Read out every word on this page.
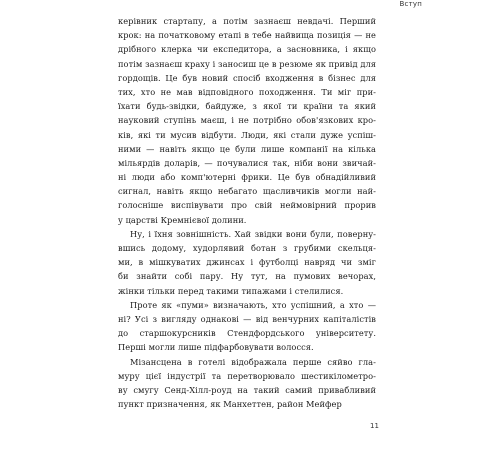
Вступ
керівник стартапу, а потім зазнаєш невдачі. Перший
крок: на початковому етапі в тебе найвища позиція — не
дрібного клерка чи експедитора, а засновника, і якщо
потім зазнаєш краху і заносиш це в резюме як привід для
гордощів. Це був новий спосіб входження в бізнес для
тих, хто не мав відповідного походження. Ти міг при-
їхати будь-звідки, байдуже, з якої ти країни та який
науковий ступінь маєш, і не потрібно обов'язкових кро-
ків, які ти мусив відбути. Люди, які стали дуже успіш-
ними — навіть якщо це були лише компанії на кілька
мільярдів доларів, — почувалися так, ніби вони звичай-
ні люди або комп'ютерні фрики. Це був обнадійливий
сигнал, навіть якщо небагато щасливчиків могли най-
голосніше виспівувати про свій неймовірний прорив
у царстві Кремнієвої долини.
Ну, і їхня зовнішність. Хай звідки вони були, поверну-
вшись додому, худорлявий ботан з грубими скельця-
ми, в мішкуватих джинсах і футболці навряд чи зміг
би знайти собі пару. Ну тут, на пумових вечорах,
жінки тільки перед такими типажами і стелилися.
Проте як «пуми» визначають, хто успішний, а хто —
ні? Усі з вигляду однакові — від венчурних капіталістів
до старшокурсників Стендфордського університету.
Перші могли лише підфарбовувати волосся.
Мізансцена в готелі відображала перше сяйво гла-
муру цієї індустрії та перетворювало шестикілометро-
ву смугу Сенд-Хілл-роуд на такий самий привабливий
пункт призначення, як Манхеттен, район Мейфер
11
